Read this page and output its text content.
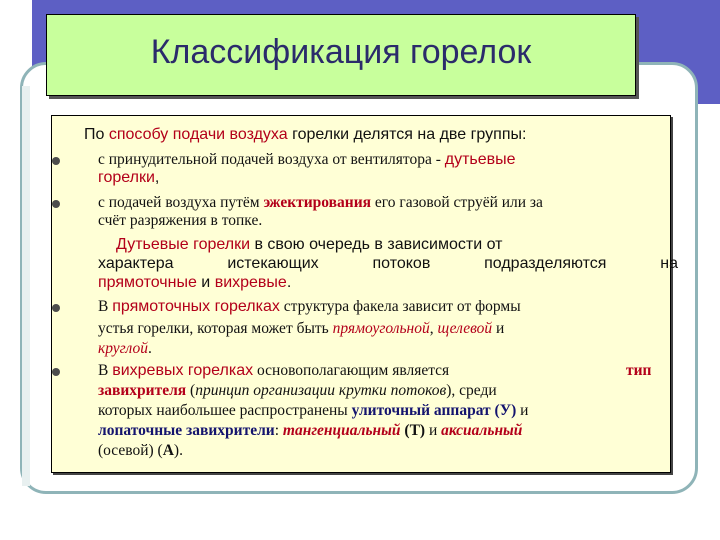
Классификация горелок
По способу подачи воздуха горелки делятся на две группы:
с принудительной подачей воздуха от вентилятора - дутьевые
горелки,
с подачей воздуха путём эжектирования его газовой струёй или за
счёт разряжения в топке.
Дутьевые горелки в свою очередь в зависимости от
характера	истекающих	потоков	подразделяются	на
прямоточные и вихревые.
В прямоточных горелках структура факела зависит от формы
устья горелки, которая может быть прямоугольной, щелевой и
круглой.
В вихревых горелках основополагающим является	тип
завихрителя (принцип организации крутки потоков), среди
которых наибольшее распространены улиточный аппарат (У) и
лопаточные завихрители: тангенциальный (Т) и аксиальный
(осевой) (А).
